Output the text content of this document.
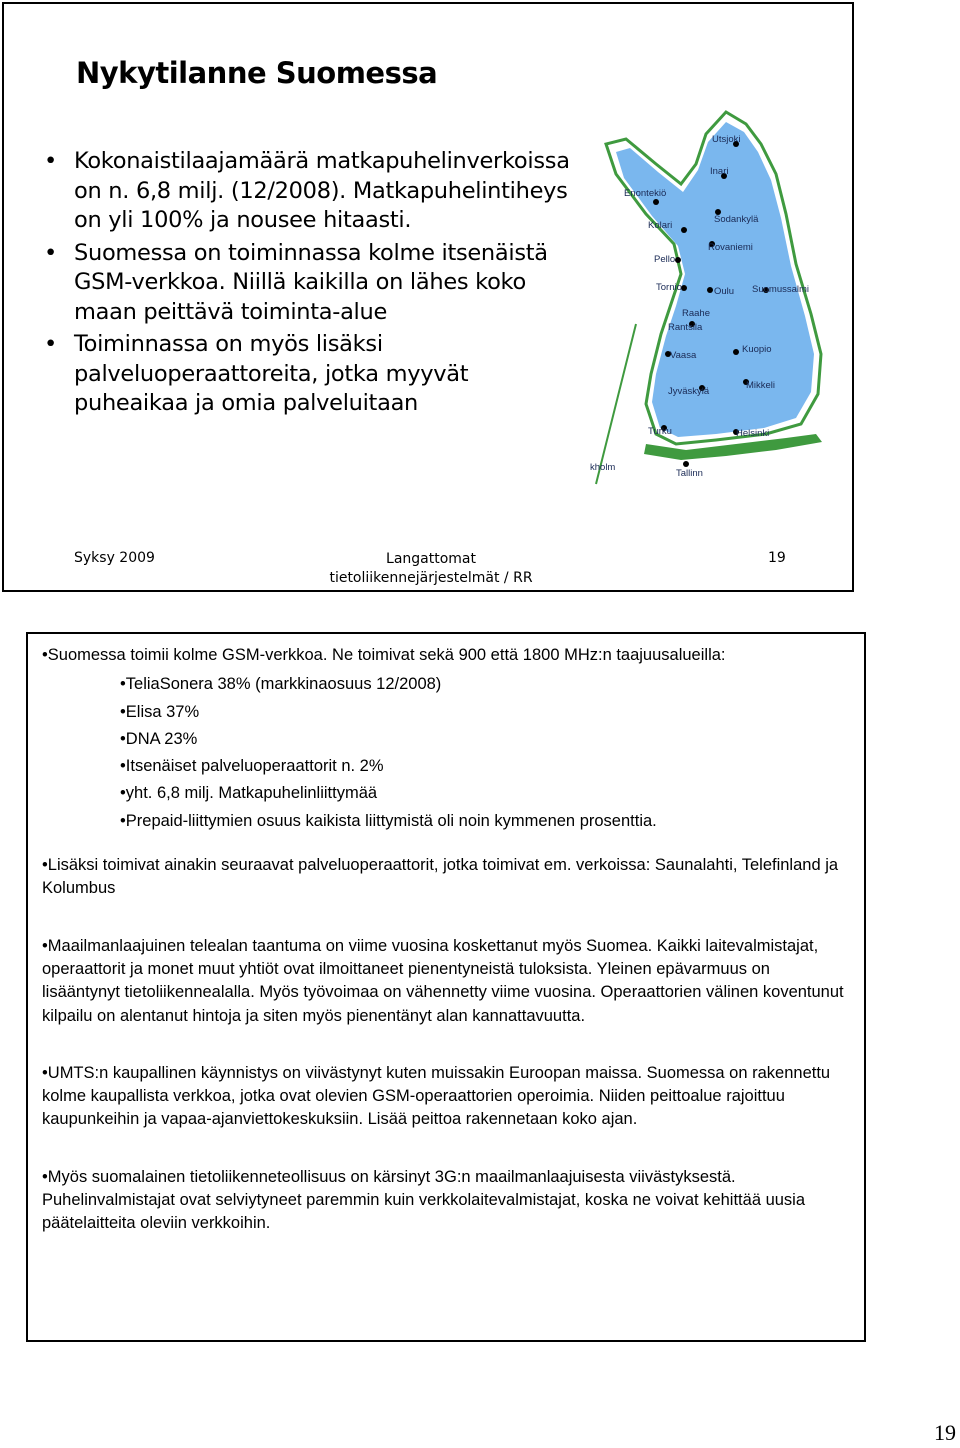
Nykytilanne Suomessa
• Kokonaistilaajamäärä matkapuhelinverkoissa on n. 6,8 milj. (12/2008). Matkapuhelintiheys on yli 100% ja nousee hitaasti.
• Suomessa on toiminnassa kolme itsenäistä GSM-verkkoa. Niillä kaikilla on lähes koko maan peittävä toiminta-alue
• Toiminnassa on myös lisäksi palveluoperaattoreita, jotka myyvät puheaikaa ja omia palveluitaan
Utsjoki
Inari
Enontekiö
Kolari
Sodankylä
Pello
Rovaniemi
Tornio	Oulu Suomussalmi
Raahe
Rantsila
Vaasa
Kuopio
Jyväskylä
Mikkeli
Turku	Helsinki
kholm
Tallinn
Syksy 2009	Langattomat tietoliikennejärjestelmät / RR
19

•Suomessa toimii kolme GSM-verkkoa. Ne toimivat sekä 900 että 1800 MHz:n taajuusalueilla:

•TeliaSonera 38% (markkinaosuus 12/2008)

•Elisa 37%

•DNA 23%

•Itsenäiset palveluoperaattorit n. 2%

•yht. 6,8 milj. Matkapuhelinliittymää

•Prepaid-liittymien osuus kaikista liittymistä oli noin kymmenen prosenttia.

•Lisäksi toimivat ainakin seuraavat palveluoperaattorit, jotka toimivat em. verkoissa: Saunalahti, Telefinland ja Kolumbus

•Maailmanlaajuinen telealan taantuma on viime vuosina koskettanut myös Suomea. Kaikki laitevalmistajat, operaattorit ja monet muut yhtiöt ovat ilmoittaneet pienentyneistä tuloksista. Yleinen epävarmuus on lisääntynyt tietoliikennealalla. Myös työvoimaa on vähennetty viime vuosina. Operaattorien välinen koventunut kilpailu on alentanut hintoja ja siten myös pienentänyt alan kannattavuutta.

•UMTS:n kaupallinen käynnistys on viivästynyt kuten muissakin Euroopan maissa. Suomessa on rakennettu kolme kaupallista verkkoa, jotka ovat olevien GSM-operaattorien operoimia. Niiden peittoalue rajoittuu kaupunkeihin ja vapaa-ajanviettokeskuksiin. Lisää peittoa rakennetaan koko ajan.

•Myös suomalainen tietoliikenneteollisuus on kärsinyt 3G:n maailmanlaajuisesta viivästyksestä. Puhelinvalmistajat ovat selviytyneet paremmin kuin verkkolaitevalmistajat, koska ne voivat kehittää uusia päätelaitteita oleviin verkkoihin.

19
